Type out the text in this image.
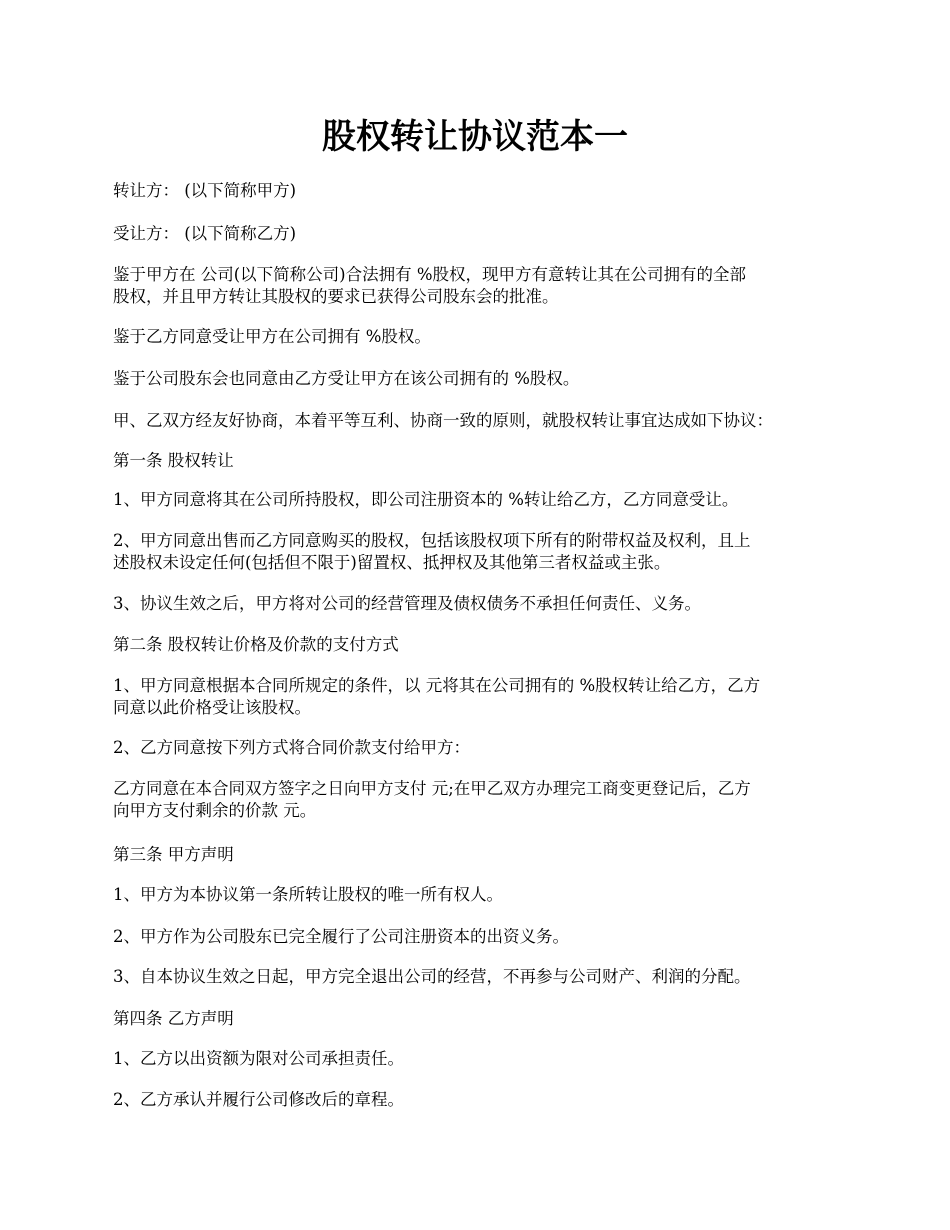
股权转让协议范本一

转让方： (以下简称甲方)

受让方： (以下简称乙方)

鉴于甲方在 公司(以下简称公司)合法拥有 %股权，现甲方有意转让其在公司拥有的全部
股权，并且甲方转让其股权的要求已获得公司股东会的批准。

鉴于乙方同意受让甲方在公司拥有 %股权。

鉴于公司股东会也同意由乙方受让甲方在该公司拥有的 %股权。

甲、乙双方经友好协商，本着平等互利、协商一致的原则，就股权转让事宜达成如下协议：

第一条 股权转让

1、甲方同意将其在公司所持股权，即公司注册资本的 %转让给乙方，乙方同意受让。

2、甲方同意出售而乙方同意购买的股权，包括该股权项下所有的附带权益及权利，且上
述股权未设定任何(包括但不限于)留置权、抵押权及其他第三者权益或主张。

3、协议生效之后，甲方将对公司的经营管理及债权债务不承担任何责任、义务。

第二条 股权转让价格及价款的支付方式

1、甲方同意根据本合同所规定的条件，以 元将其在公司拥有的 %股权转让给乙方，乙方
同意以此价格受让该股权。

2、乙方同意按下列方式将合同价款支付给甲方：

乙方同意在本合同双方签字之日向甲方支付 元;在甲乙双方办理完工商变更登记后，乙方
向甲方支付剩余的价款 元。

第三条 甲方声明

1、甲方为本协议第一条所转让股权的唯一所有权人。

2、甲方作为公司股东已完全履行了公司注册资本的出资义务。

3、自本协议生效之日起，甲方完全退出公司的经营，不再参与公司财产、利润的分配。

第四条 乙方声明

1、乙方以出资额为限对公司承担责任。

2、乙方承认并履行公司修改后的章程。
